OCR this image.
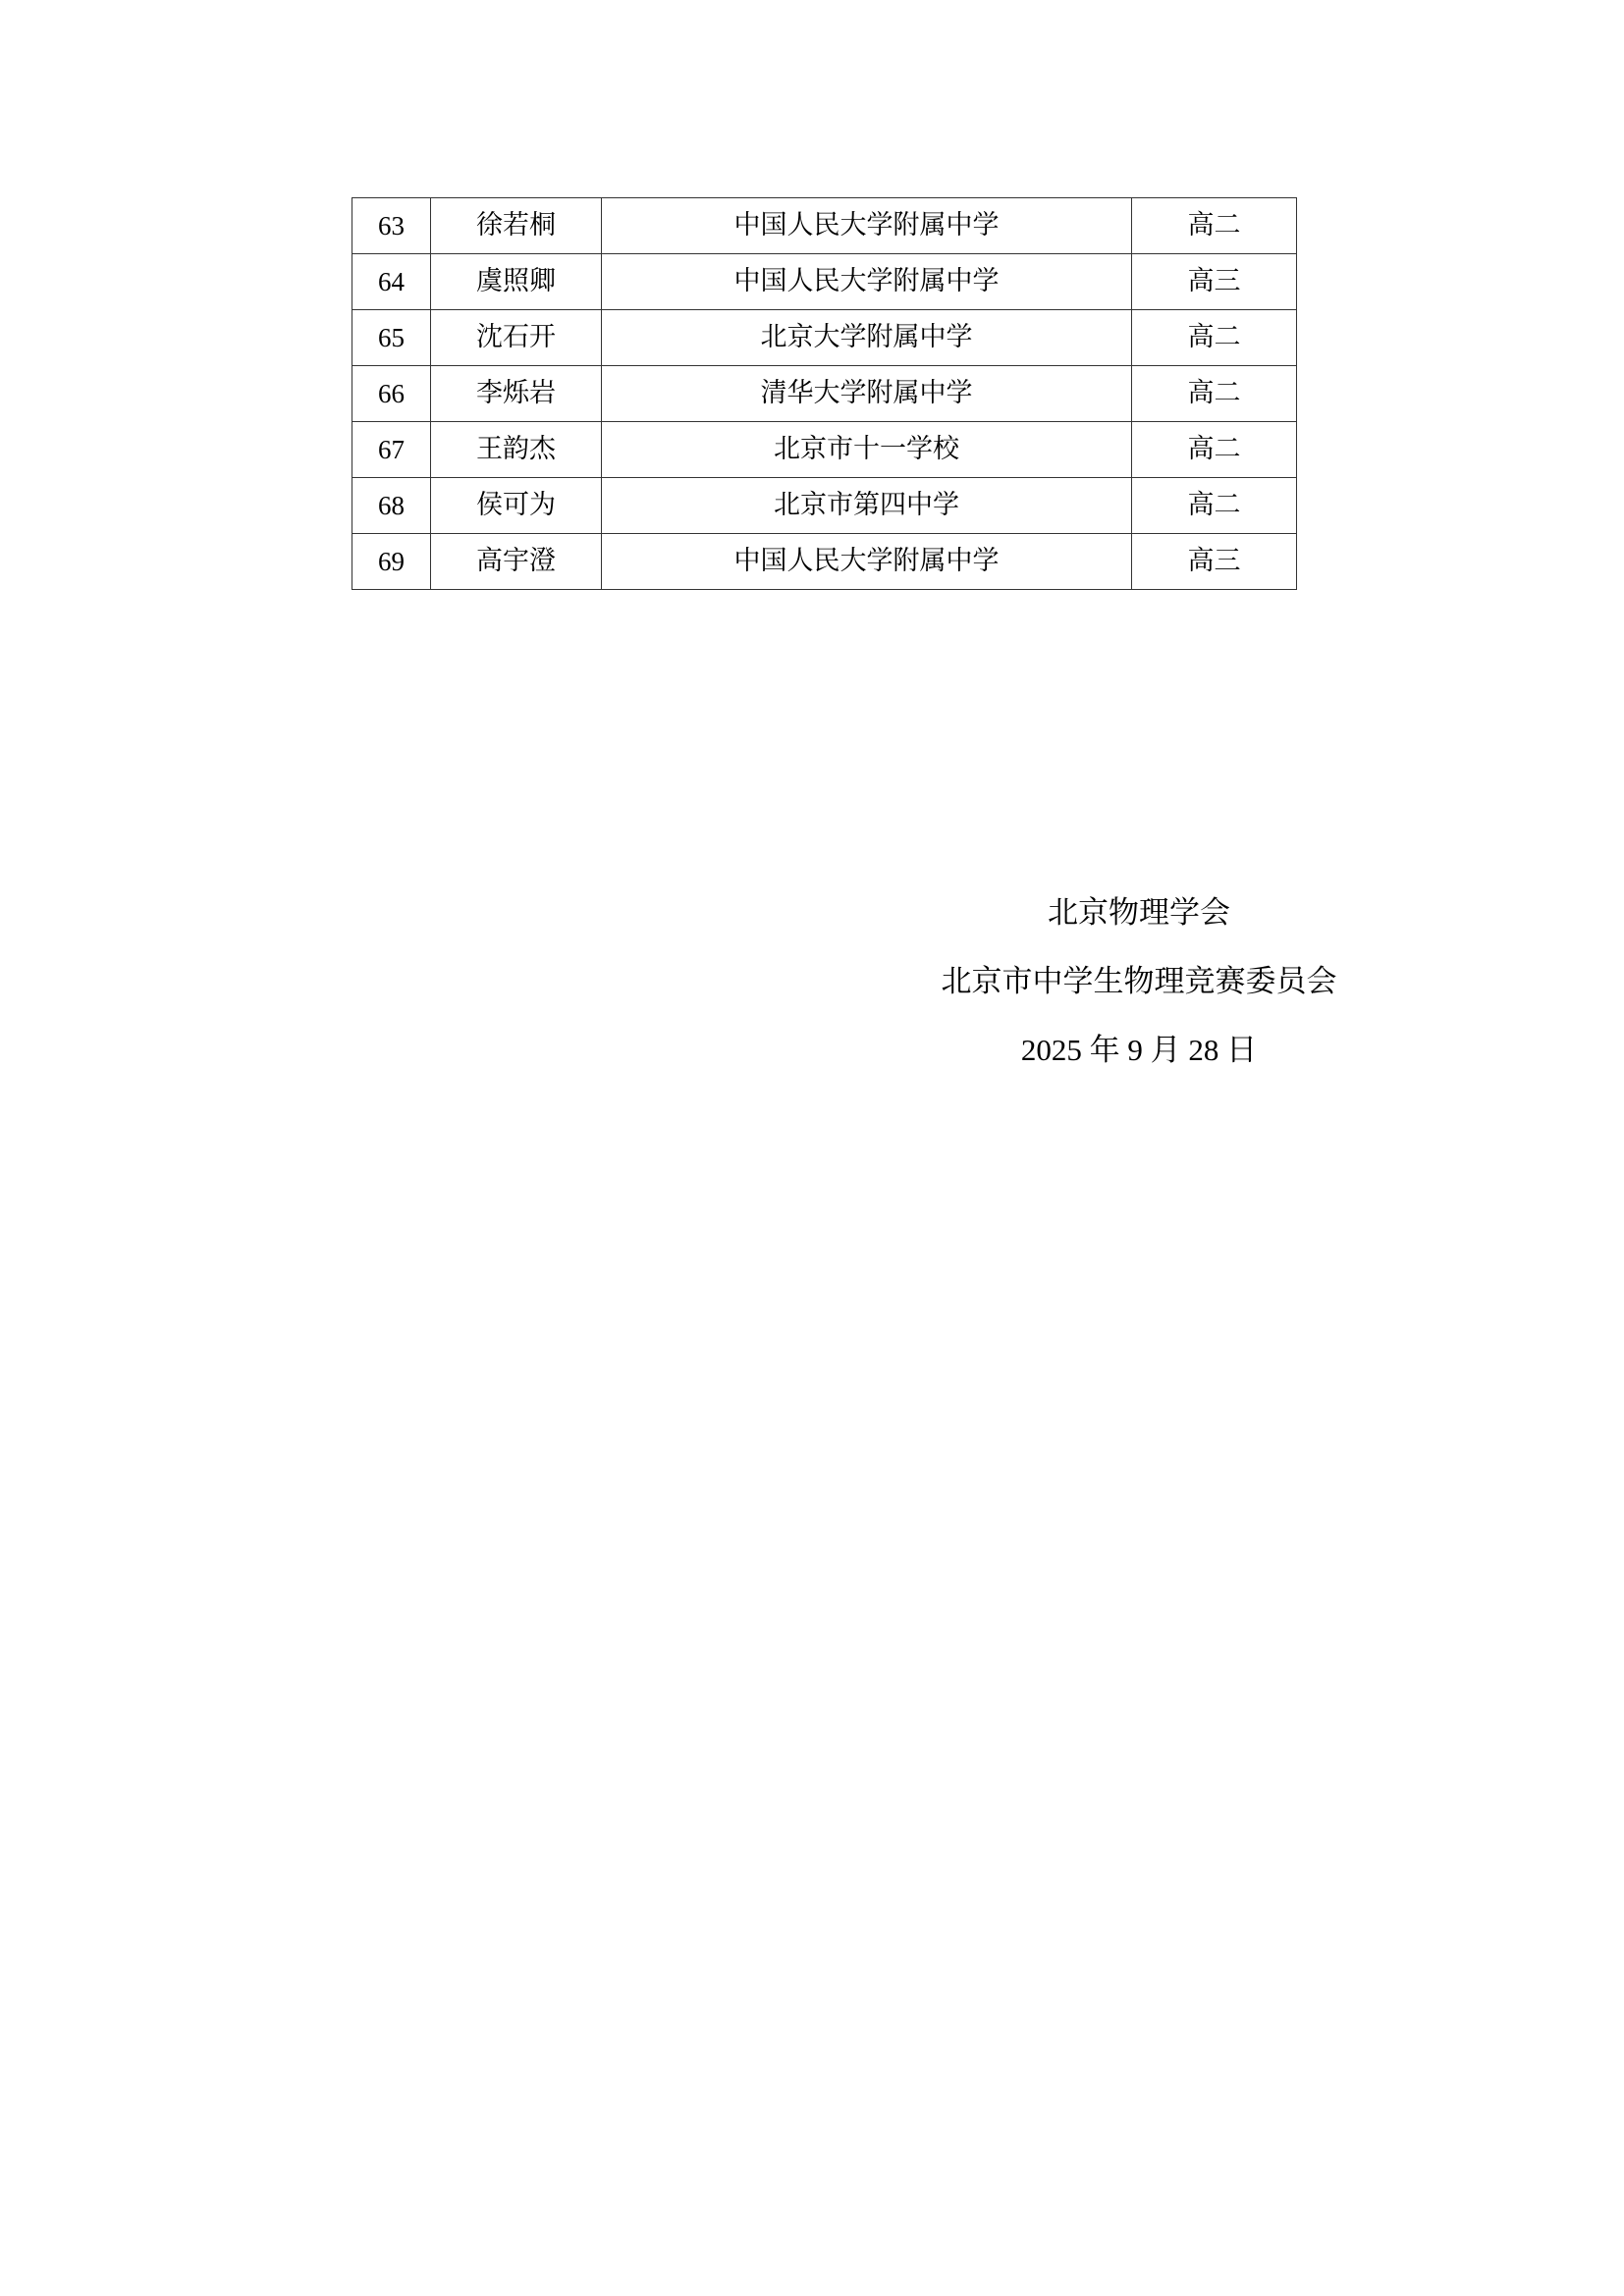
63	徐若桐	中国人民大学附属中学	高二
64	虞照卿	中国人民大学附属中学	高三
65	沈石开	北京大学附属中学	高二
66	李烁岩	清华大学附属中学	高二
67	王韵杰	北京市十一学校	高二
68	侯可为	北京市第四中学	高二
69	高宇澄	中国人民大学附属中学	高三
北京物理学会
北京市中学生物理竞赛委员会
2025 年 9 月 28 日
